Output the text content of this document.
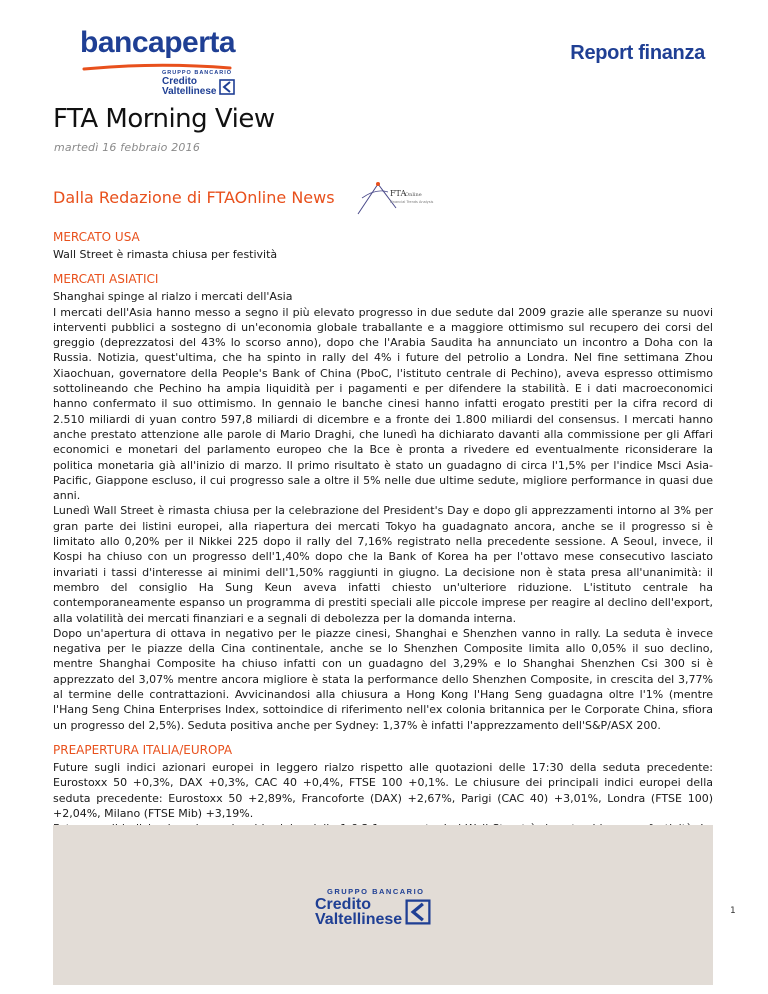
bancaperta
GRUPPO BANCARIO
Credito
Valtellinese
Report finanza
FTA Morning View
martedì 16 febbraio 2016
Dalla Redazione di FTAOnline News	FTA
Online
Financial Trends Analysis
MERCATO USA

Wall Street è rimasta chiusa per festività

MERCATI ASIATICI

Shanghai spinge al rialzo i mercati dell'Asia

I mercati dell'Asia hanno messo a segno il più elevato progresso in due sedute dal 2009 grazie alle speranze su nuovi interventi pubblici a sostegno di un'economia globale traballante e a maggiore ottimismo sul recupero dei corsi del greggio (deprezzatosi del 43% lo scorso anno), dopo che l'Arabia Saudita ha annunciato un incontro a Doha con la Russia. Notizia, quest'ultima, che ha spinto in rally del 4% i future del petrolio a Londra. Nel fine settimana Zhou Xiaochuan, governatore della People's Bank of China (PboC, l'istituto centrale di Pechino), aveva espresso ottimismo sottolineando che Pechino ha ampia liquidità per i pagamenti e per difendere la stabilità. E i dati macroeconomici hanno confermato il suo ottimismo. In gennaio le banche cinesi hanno infatti erogato prestiti per la cifra record di 2.510 miliardi di yuan contro 597,8 miliardi di dicembre e a fronte dei 1.800 miliardi del consensus. I mercati hanno anche prestato attenzione alle parole di Mario Draghi, che lunedì ha dichiarato davanti alla commissione per gli Affari economici e monetari del parlamento europeo che la Bce è pronta a rivedere ed eventualmente riconsiderare la politica monetaria già all'inizio di marzo. Il primo risultato è stato un guadagno di circa l'1,5% per l'indice Msci Asia-Pacific, Giappone escluso, il cui progresso sale a oltre il 5% nelle due ultime sedute, migliore performance in quasi due anni.

Lunedì Wall Street è rimasta chiusa per la celebrazione del President's Day e dopo gli apprezzamenti intorno al 3% per gran parte dei listini europei, alla riapertura dei mercati Tokyo ha guadagnato ancora, anche se il progresso si è limitato allo 0,20% per il Nikkei 225 dopo il rally del 7,16% registrato nella precedente sessione. A Seoul, invece, il Kospi ha chiuso con un progresso dell'1,40% dopo che la Bank of Korea ha per l'ottavo mese consecutivo lasciato invariati i tassi d'interesse ai minimi dell'1,50% raggiunti in giugno. La decisione non è stata presa all'unanimità: il membro del consiglio Ha Sung Keun aveva infatti chiesto un'ulteriore riduzione. L'istituto centrale ha contemporaneamente espanso un programma di prestiti speciali alle piccole imprese per reagire al declino dell'export, alla volatilità dei mercati finanziari e a segnali di debolezza per la domanda interna.

Dopo un'apertura di ottava in negativo per le piazze cinesi, Shanghai e Shenzhen vanno in rally. La seduta è invece negativa per le piazze della Cina continentale, anche se lo Shenzhen Composite limita allo 0,05% il suo declino, mentre Shanghai Composite ha chiuso infatti con un guadagno del 3,29% e lo Shanghai Shenzhen Csi 300 si è apprezzato del 3,07% mentre ancora migliore è stata la performance dello Shenzhen Composite, in crescita del 3,77% al termine delle contrattazioni. Avvicinandosi alla chiusura a Hong Kong l'Hang Seng guadagna oltre l'1% (mentre l'Hang Seng China Enterprises Index, sottoindice di riferimento nell'ex colonia britannica per le Corporate China, sfiora un progresso del 2,5%). Seduta positiva anche per Sydney: 1,37% è infatti l'apprezzamento dell'S&P/ASX 200.

PREAPERTURA ITALIA/EUROPA

Future sugli indici azionari europei in leggero rialzo rispetto alle quotazioni delle 17:30 della seduta precedente: Eurostoxx 50 +0,3%, DAX +0,3%, CAC 40 +0,4%, FTSE 100 +0,1%. Le chiusure dei principali indici europei della seduta precedente: Eurostoxx 50 +2,89%, Francoforte (DAX) +2,67%, Parigi (CAC 40) +3,01%, Londra (FTSE 100) +2,04%, Milano (FTSE Mib) +3,19%.

GRUPPO BANCARIO
Credito
Valtellinese	1
